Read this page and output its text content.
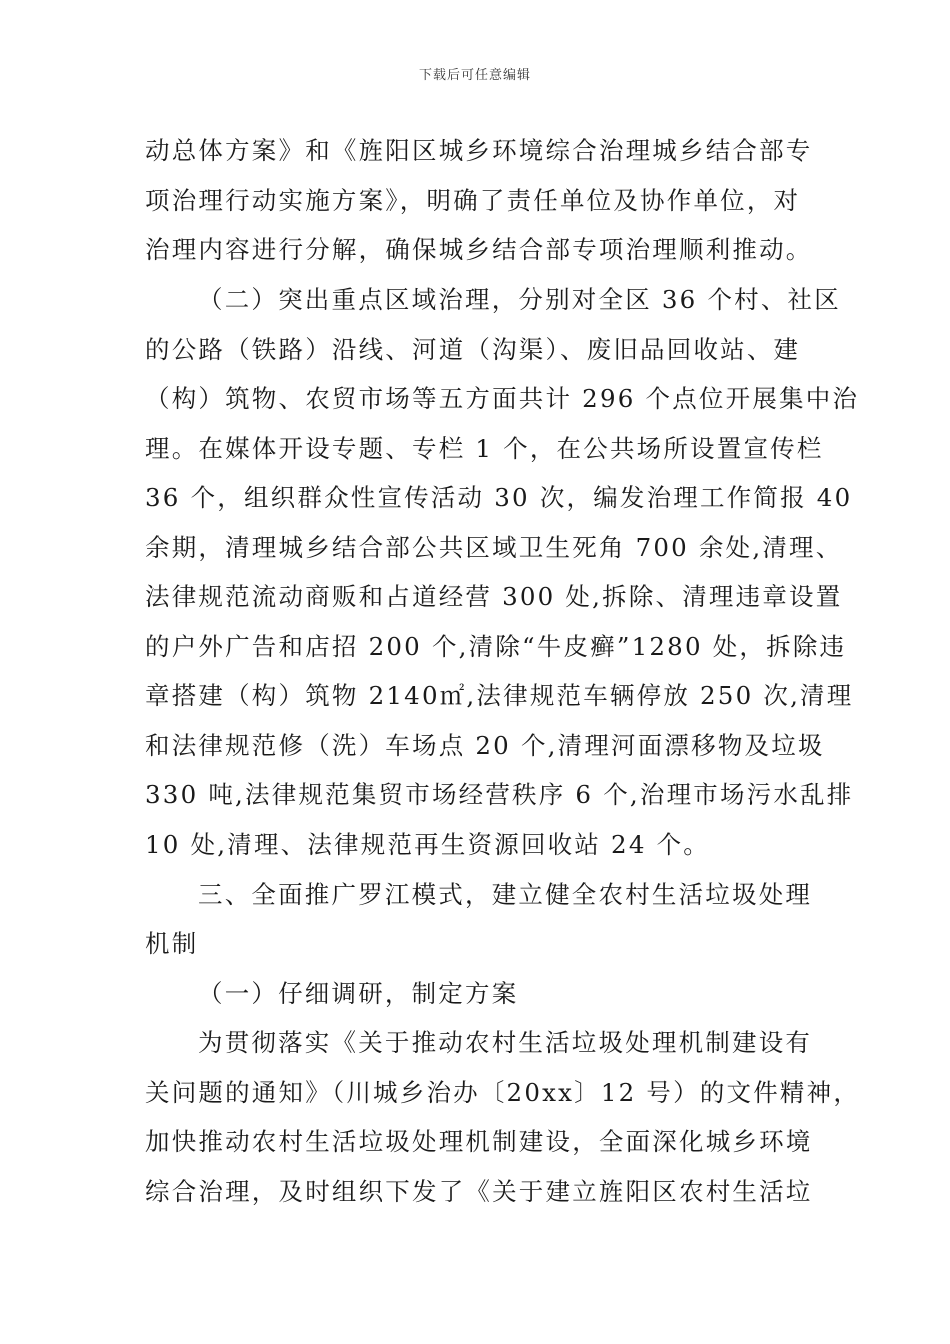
下载后可任意编辑
动总体方案》和《旌阳区城乡环境综合治理城乡结合部专
项治理行动实施方案》，明确了责任单位及协作单位，对
治理内容进行分解，确保城乡结合部专项治理顺利推动。
（二）突出重点区域治理，分别对全区 36 个村、社区
的公路（铁路）沿线、河道（沟渠）、废旧品回收站、建
（构）筑物、农贸市场等五方面共计 296 个点位开展集中治
理。在媒体开设专题、专栏 1 个，在公共场所设置宣传栏
36 个，组织群众性宣传活动 30 次，编发治理工作简报 40
余期，清理城乡结合部公共区域卫生死角 700 余处,清理、
法律规范流动商贩和占道经营 300 处,拆除、清理违章设置
的户外广告和店招 200 个,清除“牛皮癣”1280 处，拆除违
章搭建（构）筑物 2140㎡,法律规范车辆停放 250 次,清理
和法律规范修（洗）车场点 20 个,清理河面漂移物及垃圾
330 吨,法律规范集贸市场经营秩序 6 个,治理市场污水乱排
10 处,清理、法律规范再生资源回收站 24 个。
三、全面推广罗江模式，建立健全农村生活垃圾处理
机制
（一）仔细调研，制定方案
为贯彻落实《关于推动农村生活垃圾处理机制建设有
关问题的通知》（川城乡治办〔20xx〕12 号）的文件精神，
加快推动农村生活垃圾处理机制建设，全面深化城乡环境
综合治理，及时组织下发了《关于建立旌阳区农村生活垃
